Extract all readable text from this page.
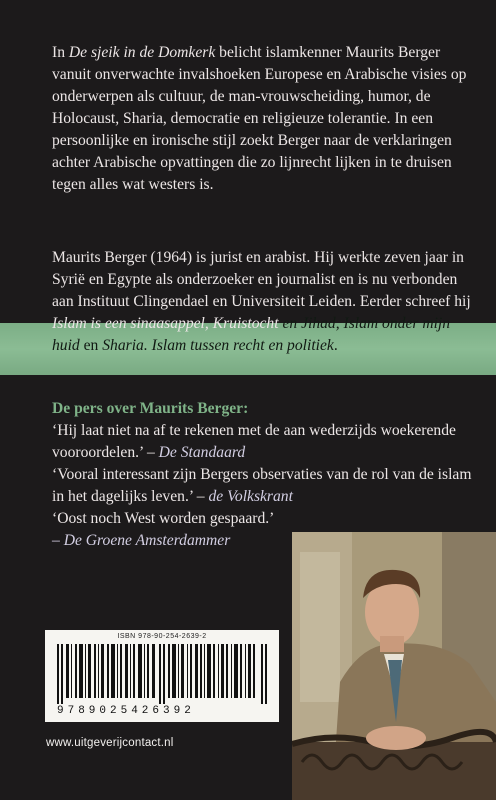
In De sjeik in de Domkerk belicht islamkenner Maurits Berger vanuit onverwachte invalshoeken Europese en Arabische visies op onderwerpen als cultuur, de man-vrouwscheiding, humor, de Holocaust, Sharia, democratie en religieuze tolerantie. In een persoonlijke en ironische stijl zoekt Berger naar de verklaringen achter Arabische opvattingen die zo lijnrecht lijken in te druisen tegen alles wat westers is.

Maurits Berger (1964) is jurist en arabist. Hij werkte zeven jaar in Syrië en Egypte als onderzoeker en journalist en is nu verbonden aan Instituut Clingendael en Universiteit Leiden. Eerder schreef hij Islam is een sinaasappel, Kruistocht en Jihad, Islam onder mijn huid en Sharia. Islam tussen recht en politiek.

De pers over Maurits Berger:

‘Hij laat niet na af te rekenen met de aan wederzijds woekerende vooroordelen.’ – De Standaard
‘Vooral interessant zijn Bergers observaties van de rol van de islam in het dagelijks leven.’ – de Volkskrant
‘Oost noch West worden gespaard.’
– De Groene Amsterdammer

ISBN 978-90-254-2639-2
9789025426392
www.uitgeverijcontact.nl
